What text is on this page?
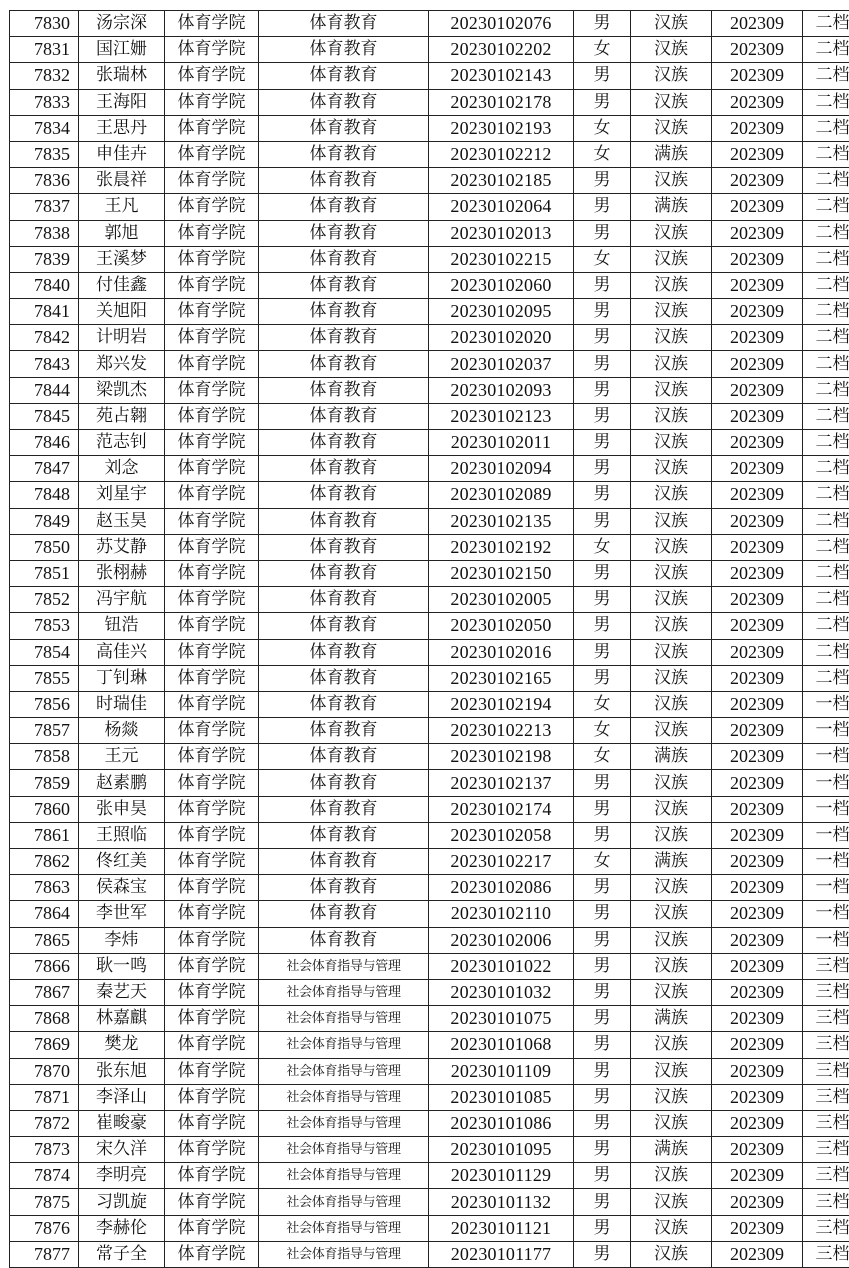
7830	汤宗深	体育学院	体育教育	20230102076	男	汉族	202309	二档
7831	国江姗	体育学院	体育教育	20230102202	女	汉族	202309	二档
7832	张瑞林	体育学院	体育教育	20230102143	男	汉族	202309	二档
7833	王海阳	体育学院	体育教育	20230102178	男	汉族	202309	二档
7834	王思丹	体育学院	体育教育	20230102193	女	汉族	202309	二档
7835	申佳卉	体育学院	体育教育	20230102212	女	满族	202309	二档
7836	张晨祥	体育学院	体育教育	20230102185	男	汉族	202309	二档
7837	王凡	体育学院	体育教育	20230102064	男	满族	202309	二档
7838	郭旭	体育学院	体育教育	20230102013	男	汉族	202309	二档
7839	王溪梦	体育学院	体育教育	20230102215	女	汉族	202309	二档
7840	付佳鑫	体育学院	体育教育	20230102060	男	汉族	202309	二档
7841	关旭阳	体育学院	体育教育	20230102095	男	汉族	202309	二档
7842	计明岩	体育学院	体育教育	20230102020	男	汉族	202309	二档
7843	郑兴发	体育学院	体育教育	20230102037	男	汉族	202309	二档
7844	梁凯杰	体育学院	体育教育	20230102093	男	汉族	202309	二档
7845	苑占翱	体育学院	体育教育	20230102123	男	汉族	202309	二档
7846	范志钊	体育学院	体育教育	20230102011	男	汉族	202309	二档
7847	刘念	体育学院	体育教育	20230102094	男	汉族	202309	二档
7848	刘星宇	体育学院	体育教育	20230102089	男	汉族	202309	二档
7849	赵玉昊	体育学院	体育教育	20230102135	男	汉族	202309	二档
7850	苏艾静	体育学院	体育教育	20230102192	女	汉族	202309	二档
7851	张栩赫	体育学院	体育教育	20230102150	男	汉族	202309	二档
7852	冯宇航	体育学院	体育教育	20230102005	男	汉族	202309	二档
7853	钮浩	体育学院	体育教育	20230102050	男	汉族	202309	二档
7854	高佳兴	体育学院	体育教育	20230102016	男	汉族	202309	二档
7855	丁钊琳	体育学院	体育教育	20230102165	男	汉族	202309	二档
7856	时瑞佳	体育学院	体育教育	20230102194	女	汉族	202309	一档
7857	杨燚	体育学院	体育教育	20230102213	女	汉族	202309	一档
7858	王元	体育学院	体育教育	20230102198	女	满族	202309	一档
7859	赵素鹏	体育学院	体育教育	20230102137	男	汉族	202309	一档
7860	张申昊	体育学院	体育教育	20230102174	男	汉族	202309	一档
7861	王照临	体育学院	体育教育	20230102058	男	汉族	202309	一档
7862	佟红美	体育学院	体育教育	20230102217	女	满族	202309	一档
7863	侯森宝	体育学院	体育教育	20230102086	男	汉族	202309	一档
7864	李世军	体育学院	体育教育	20230102110	男	汉族	202309	一档
7865	李炜	体育学院	体育教育	20230102006	男	汉族	202309	一档
7866	耿一鸣	体育学院	社会体育指导与管理	20230101022	男	汉族	202309	三档
7867	秦艺天	体育学院	社会体育指导与管理	20230101032	男	汉族	202309	三档
7868	林嘉麒	体育学院	社会体育指导与管理	20230101075	男	满族	202309	三档
7869	樊龙	体育学院	社会体育指导与管理	20230101068	男	汉族	202309	三档
7870	张东旭	体育学院	社会体育指导与管理	20230101109	男	汉族	202309	三档
7871	李泽山	体育学院	社会体育指导与管理	20230101085	男	汉族	202309	三档
7872	崔畯豪	体育学院	社会体育指导与管理	20230101086	男	汉族	202309	三档
7873	宋久洋	体育学院	社会体育指导与管理	20230101095	男	满族	202309	三档
7874	李明亮	体育学院	社会体育指导与管理	20230101129	男	汉族	202309	三档
7875	习凯旋	体育学院	社会体育指导与管理	20230101132	男	汉族	202309	三档
7876	李赫伦	体育学院	社会体育指导与管理	20230101121	男	汉族	202309	三档
7877	常子全	体育学院	社会体育指导与管理	20230101177	男	汉族	202309	三档
